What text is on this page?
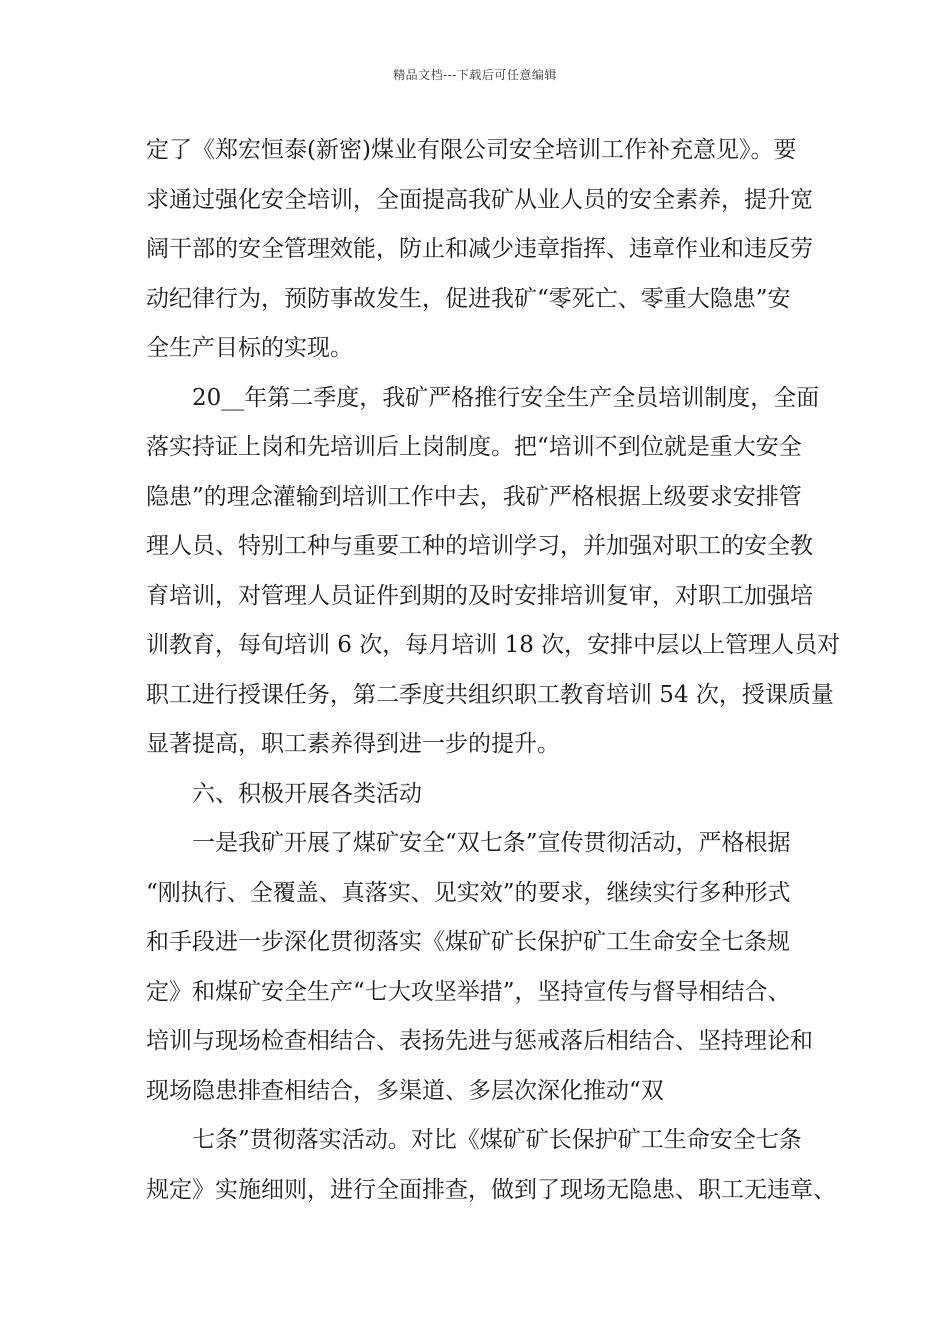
精品文档---下载后可任意编辑
定了《郑宏恒泰(新密)煤业有限公司安全培训工作补充意见》。要
求通过强化安全培训，全面提高我矿从业人员的安全素养，提升宽
阔干部的安全管理效能，防止和减少违章指挥、违章作业和违反劳
动纪律行为，预防事故发生，促进我矿“零死亡、零重大隐患”安
全生产目标的实现。
20__年第二季度，我矿严格推行安全生产全员培训制度，全面
落实持证上岗和先培训后上岗制度。把“培训不到位就是重大安全
隐患”的理念灌输到培训工作中去，我矿严格根据上级要求安排管
理人员、特别工种与重要工种的培训学习，并加强对职工的安全教
育培训，对管理人员证件到期的及时安排培训复审，对职工加强培
训教育，每旬培训 6 次，每月培训 18 次，安排中层以上管理人员对
职工进行授课任务，第二季度共组织职工教育培训 54 次，授课质量
显著提高，职工素养得到进一步的提升。
六、积极开展各类活动
一是我矿开展了煤矿安全“双七条”宣传贯彻活动，严格根据
“刚执行、全覆盖、真落实、见实效”的要求，继续实行多种形式
和手段进一步深化贯彻落实《煤矿矿长保护矿工生命安全七条规
定》和煤矿安全生产“七大攻坚举措”，坚持宣传与督导相结合、
培训与现场检查相结合、表扬先进与惩戒落后相结合、坚持理论和
现场隐患排查相结合，多渠道、多层次深化推动“双
七条”贯彻落实活动。对比《煤矿矿长保护矿工生命安全七条
规定》实施细则，进行全面排查，做到了现场无隐患、职工无违章、
